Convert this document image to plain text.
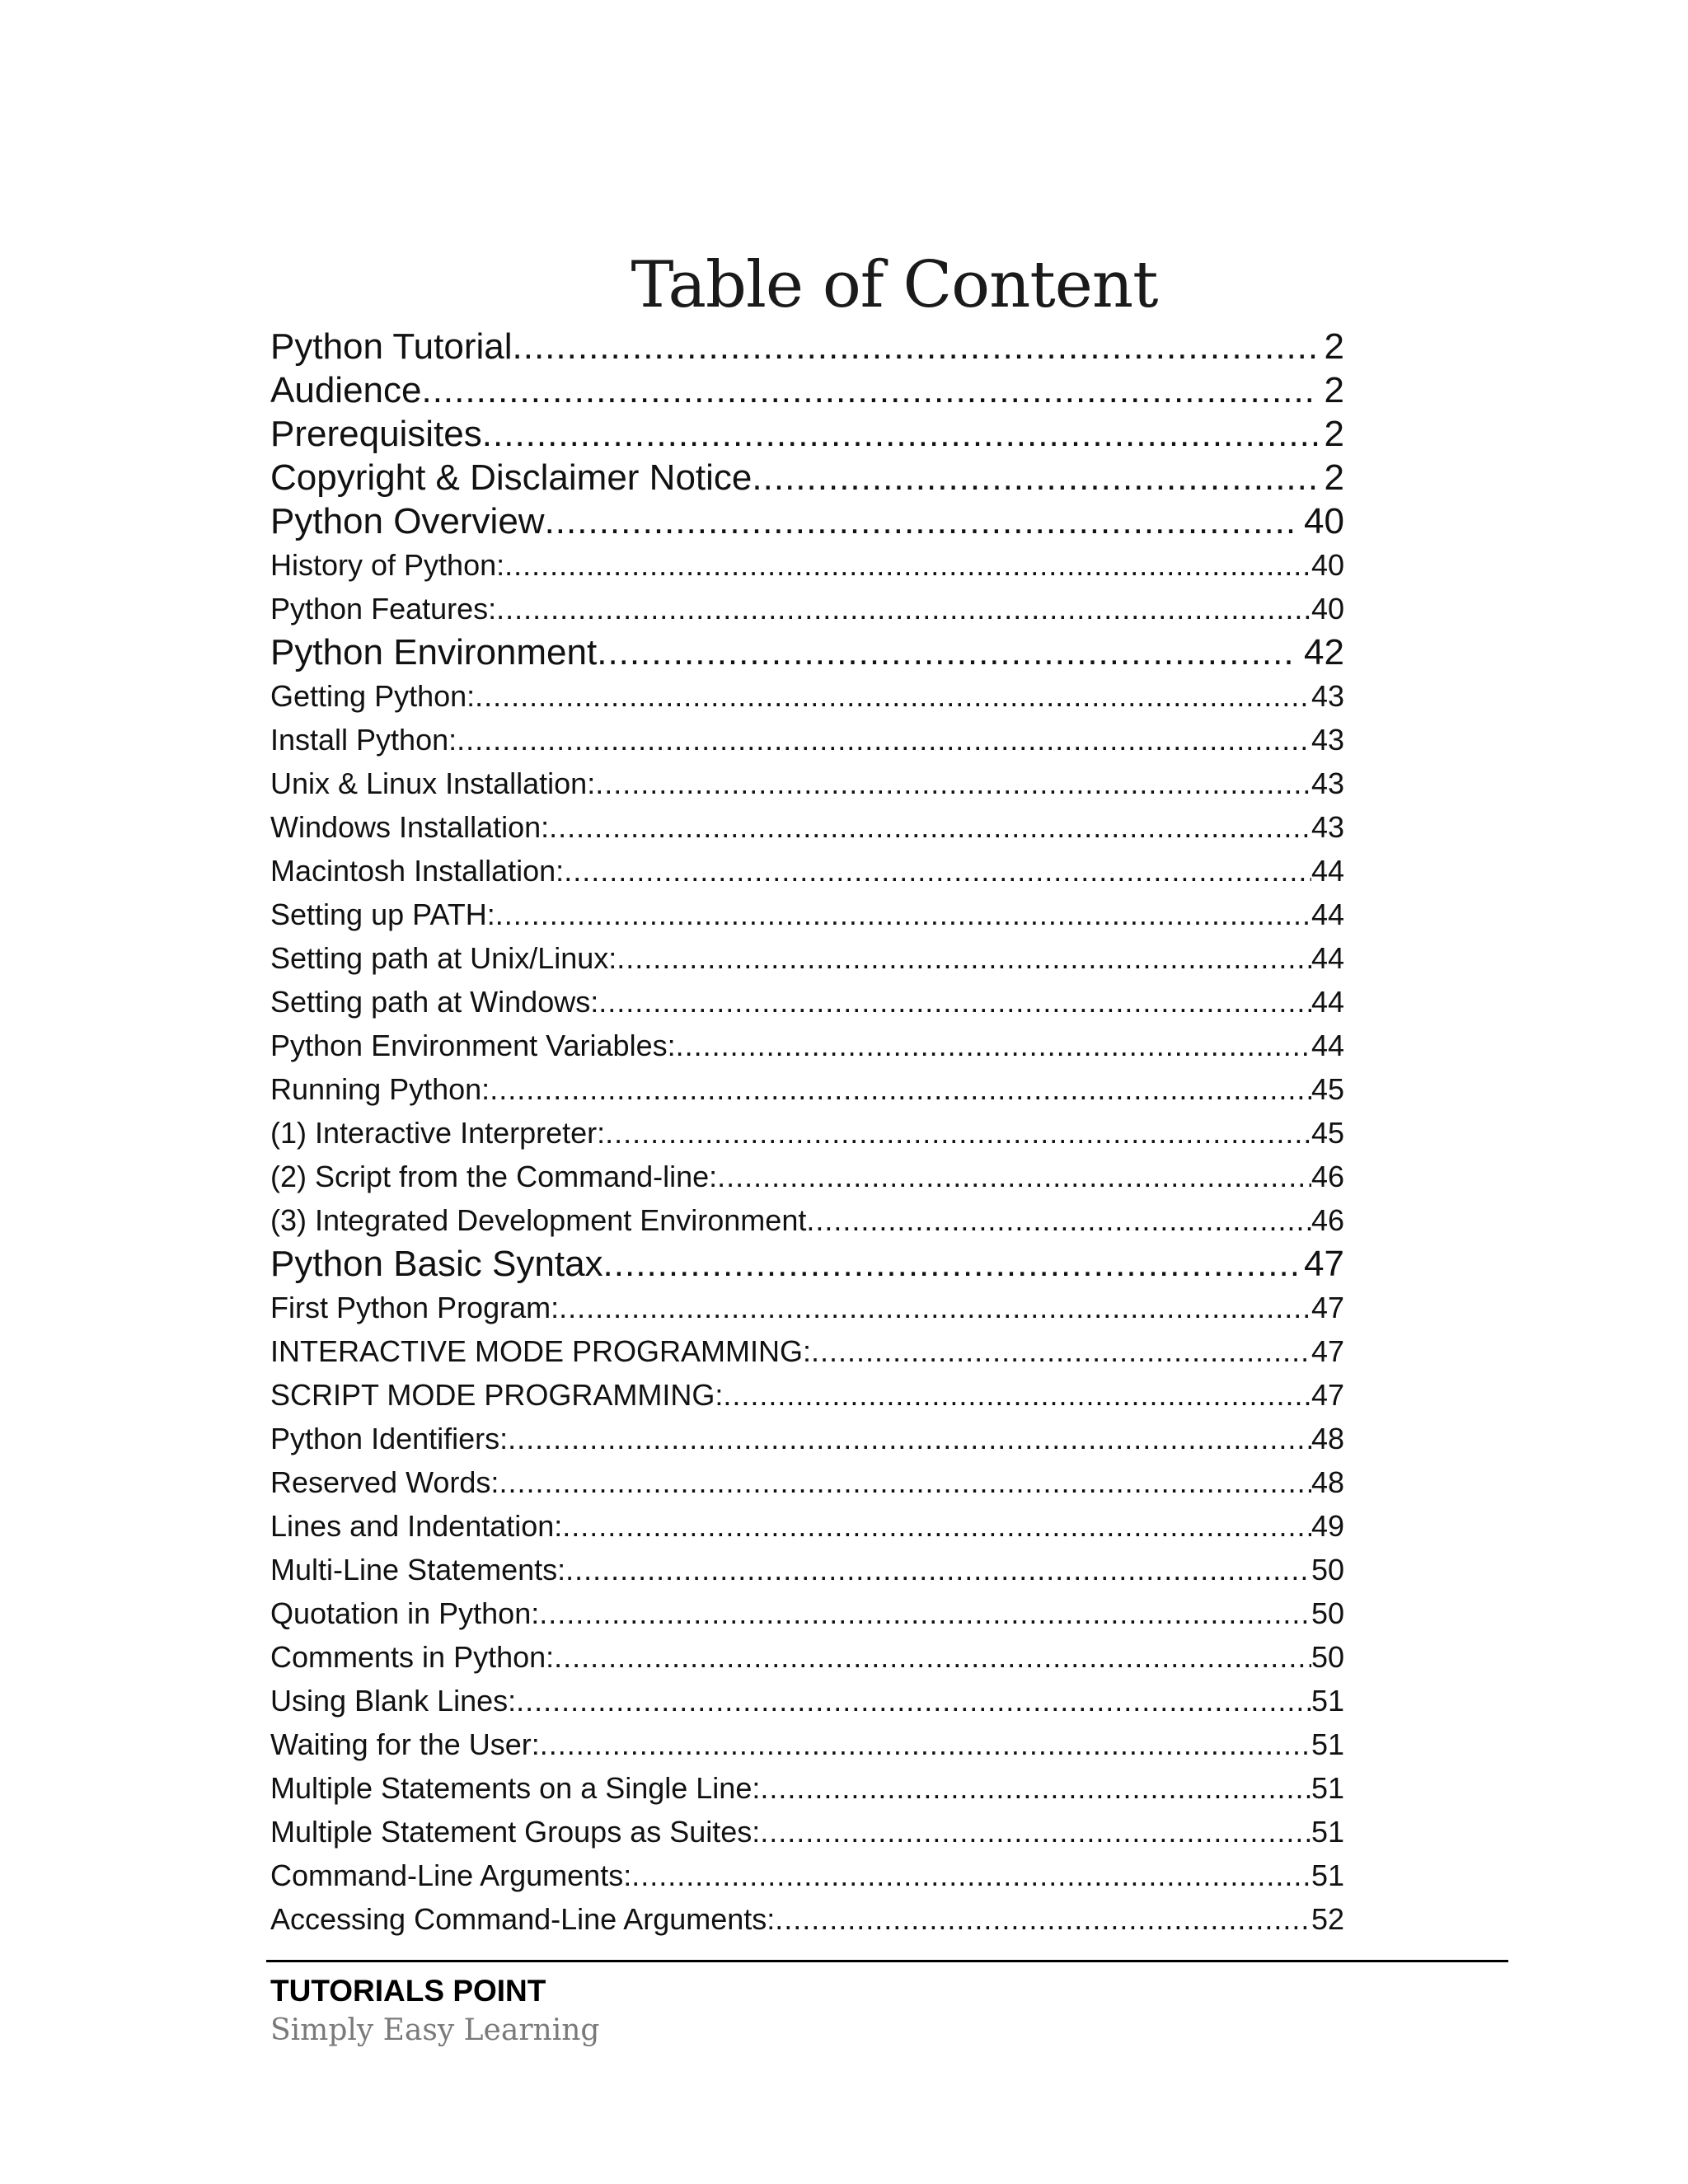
Table of Content
Python Tutorial .....	2
Audience .....	2
Prerequisites .....	2
Copyright & Disclaimer Notice .....	2
Python Overview .....	40
History of Python: .....	40
Python Features: .....	40
Python Environment .....	42
Getting Python: .....	43
Install Python: .....	43
Unix & Linux Installation: .....	43
Windows Installation: .....	43
Macintosh Installation: .....	44
Setting up PATH: .....	44
Setting path at Unix/Linux: .....	44
Setting path at Windows: .....	44
Python Environment Variables: .....	44
Running Python: .....	45
(1) Interactive Interpreter: .....	45
(2) Script from the Command-line: .....	46
(3) Integrated Development Environment .....	46
Python Basic Syntax .....	47
First Python Program: .....	47
INTERACTIVE MODE PROGRAMMING: .....	47
SCRIPT MODE PROGRAMMING: .....	47
Python Identifiers: .....	48
Reserved Words: .....	48
Lines and Indentation: .....	49
Multi-Line Statements: .....	50
Quotation in Python: .....	50
Comments in Python: .....	50
Using Blank Lines: .....	51
Waiting for the User: .....	51
Multiple Statements on a Single Line: .....	51
Multiple Statement Groups as Suites: .....	51
Command-Line Arguments: .....	51
Accessing Command-Line Arguments: .....	52
TUTORIALS POINT
Simply Easy Learning
